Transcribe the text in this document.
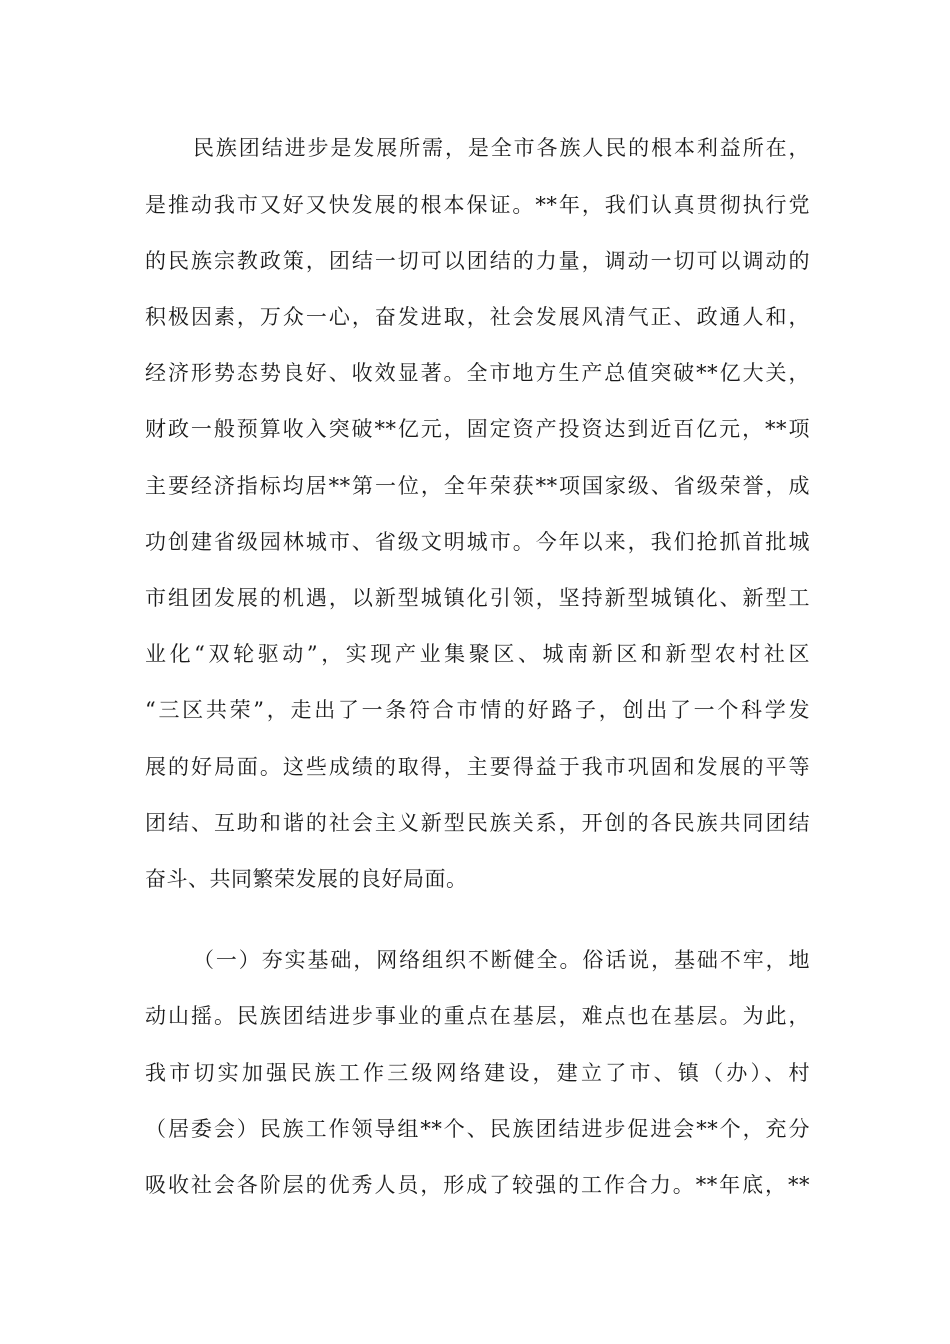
民族团结进步是发展所需，是全市各族人民的根本利益所在，
是推动我市又好又快发展的根本保证。**年，我们认真贯彻执行党
的民族宗教政策，团结一切可以团结的力量，调动一切可以调动的
积极因素，万众一心，奋发进取，社会发展风清气正、政通人和，
经济形势态势良好、收效显著。全市地方生产总值突破**亿大关，
财政一般预算收入突破**亿元，固定资产投资达到近百亿元，**项
主要经济指标均居**第一位，全年荣获**项国家级、省级荣誉，成
功创建省级园林城市、省级文明城市。今年以来，我们抢抓首批城
市组团发展的机遇，以新型城镇化引领，坚持新型城镇化、新型工
业化“双轮驱动”，实现产业集聚区、城南新区和新型农村社区
“三区共荣”，走出了一条符合市情的好路子，创出了一个科学发
展的好局面。这些成绩的取得，主要得益于我市巩固和发展的平等
团结、互助和谐的社会主义新型民族关系，开创的各民族共同团结
奋斗、共同繁荣发展的良好局面。
（一）夯实基础，网络组织不断健全。俗话说，基础不牢，地
动山摇。民族团结进步事业的重点在基层，难点也在基层。为此，
我市切实加强民族工作三级网络建设，建立了市、镇（办）、村
（居委会）民族工作领导组**个、民族团结进步促进会**个，充分
吸收社会各阶层的优秀人员，形成了较强的工作合力。**年底，**
